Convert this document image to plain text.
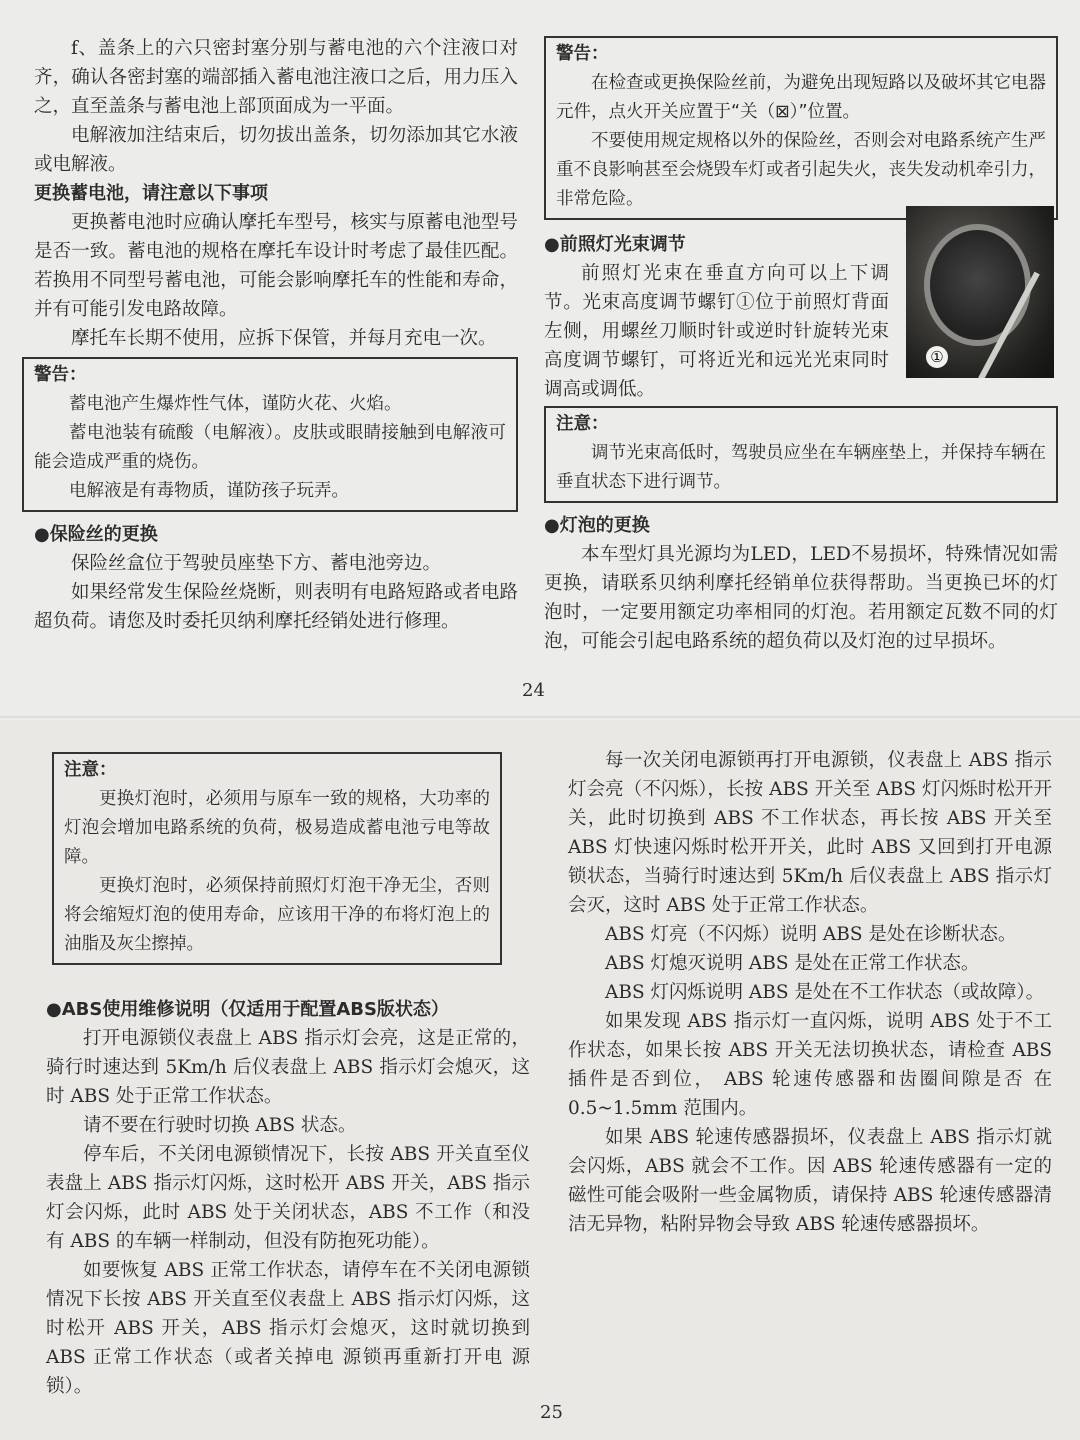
f、盖条上的六只密封塞分别与蓄电池的六个注液口对齐，确认各密封塞的端部插入蓄电池注液口之后，用力压入之，直至盖条与蓄电池上部顶面成为一平面。

电解液加注结束后，切勿拔出盖条，切勿添加其它水液或电解液。

更换蓄电池，请注意以下事项

更换蓄电池时应确认摩托车型号，核实与原蓄电池型号是否一致。蓄电池的规格在摩托车设计时考虑了最佳匹配。若换用不同型号蓄电池，可能会影响摩托车的性能和寿命，并有可能引发电路故障。

摩托车长期不使用，应拆下保管，并每月充电一次。

警告：

蓄电池产生爆炸性气体，谨防火花、火焰。

蓄电池装有硫酸（电解液）。皮肤或眼睛接触到电解液可能会造成严重的烧伤。

电解液是有毒物质，谨防孩子玩弄。

●保险丝的更换

保险丝盒位于驾驶员座垫下方、蓄电池旁边。

如果经常发生保险丝烧断，则表明有电路短路或者电路超负荷。请您及时委托贝纳利摩托经销处进行修理。

警告：

在检查或更换保险丝前，为避免出现短路以及破坏其它电器元件，点火开关应置于“关（⊠）”位置。

不要使用规定规格以外的保险丝，否则会对电路系统产生严重不良影响甚至会烧毁车灯或者引起失火，丧失发动机牵引力，非常危险。

●前照灯光束调节

前照灯光束在垂直方向可以上下调节。光束高度调节螺钉①位于前照灯背面左侧，用螺丝刀顺时针或逆时针旋转光束高度调节螺钉，可将近光和远光光束同时调高或调低。

注意：

调节光束高低时，驾驶员应坐在车辆座垫上，并保持车辆在垂直状态下进行调节。

●灯泡的更换

本车型灯具光源均为LED，LED不易损坏，特殊情况如需更换，请联系贝纳利摩托经销单位获得帮助。当更换已坏的灯泡时，一定要用额定功率相同的灯泡。若用额定瓦数不同的灯泡，可能会引起电路系统的超负荷以及灯泡的过早损坏。

①
24

注意：

更换灯泡时，必须用与原车一致的规格，大功率的灯泡会增加电路系统的负荷，极易造成蓄电池亏电等故障。

更换灯泡时，必须保持前照灯灯泡干净无尘，否则将会缩短灯泡的使用寿命，应该用干净的布将灯泡上的油脂及灰尘擦掉。

●ABS使用维修说明（仅适用于配置ABS版状态）

打开电源锁仪表盘上 ABS 指示灯会亮，这是正常的，骑行时速达到 5Km/h 后仪表盘上 ABS 指示灯会熄灭，这时 ABS 处于正常工作状态。

请不要在行驶时切换 ABS 状态。

停车后，不关闭电源锁情况下，长按 ABS 开关直至仪表盘上 ABS 指示灯闪烁，这时松开 ABS 开关，ABS 指示灯会闪烁，此时 ABS 处于关闭状态，ABS 不工作（和没有 ABS 的车辆一样制动，但没有防抱死功能）。

如要恢复 ABS 正常工作状态，请停车在不关闭电源锁情况下长按 ABS 开关直至仪表盘上 ABS 指示灯闪烁，这时松开 ABS 开关，ABS 指示灯会熄灭，这时就切换到 ABS 正常工作状态（或者关掉电 源锁再重新打开电 源锁）。

每一次关闭电源锁再打开电源锁，仪表盘上 ABS 指示灯会亮（不闪烁），长按 ABS 开关至 ABS 灯闪烁时松开开关，此时切换到 ABS 不工作状态，再长按 ABS 开关至 ABS 灯快速闪烁时松开开关，此时 ABS 又回到打开电源锁状态，当骑行时速达到 5Km/h 后仪表盘上 ABS 指示灯会灭，这时 ABS 处于正常工作状态。

ABS 灯亮（不闪烁）说明 ABS 是处在诊断状态。

ABS 灯熄灭说明 ABS 是处在正常工作状态。

ABS 灯闪烁说明 ABS 是处在不工作状态（或故障）。

如果发现 ABS 指示灯一直闪烁，说明 ABS 处于不工作状态，如果长按 ABS 开关无法切换状态，请检查 ABS 插件是否到位， ABS 轮速传感器和齿圈间隙是否 在 0.5~1.5mm 范围内。

如果 ABS 轮速传感器损坏，仪表盘上 ABS 指示灯就会闪烁，ABS 就会不工作。因 ABS 轮速传感器有一定的磁性可能会吸附一些金属物质，请保持 ABS 轮速传感器清洁无异物，粘附异物会导致 ABS 轮速传感器损坏。

25
